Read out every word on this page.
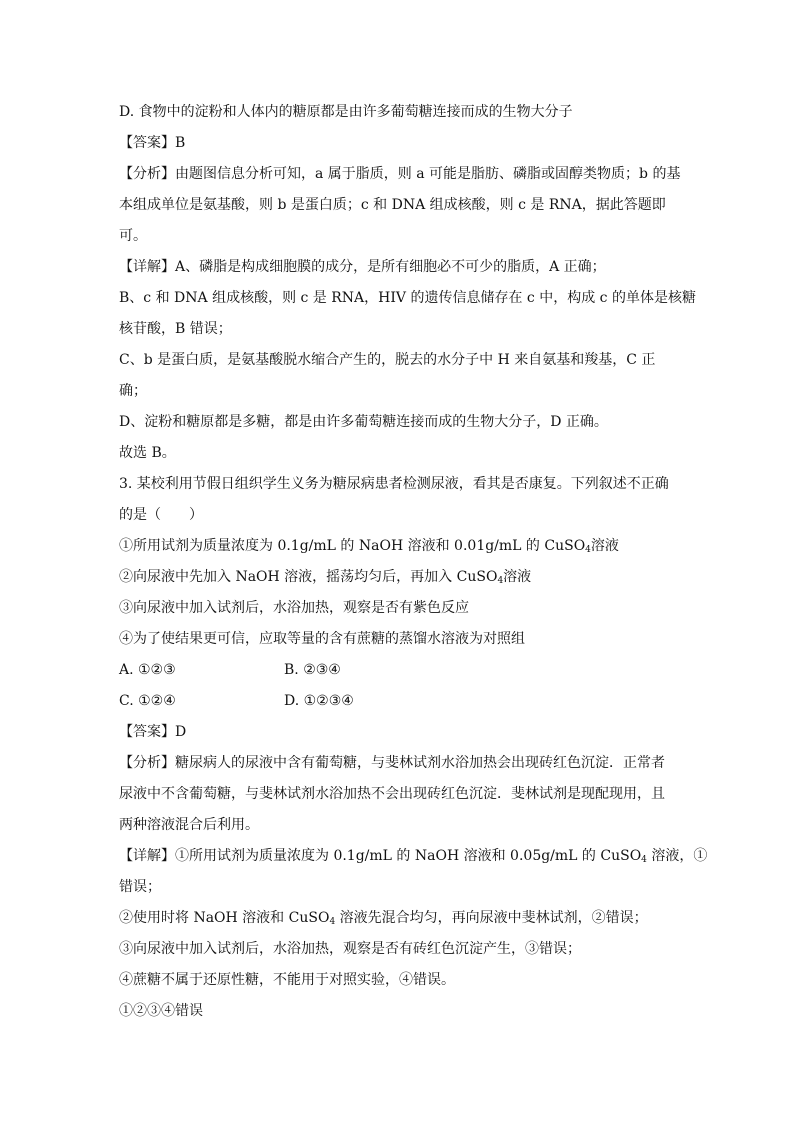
D. 食物中的淀粉和人体内的糖原都是由许多葡萄糖连接而成的生物大分子
【答案】B
【分析】由题图信息分析可知，a 属于脂质，则 a 可能是脂肪、磷脂或固醇类物质；b 的基
本组成单位是氨基酸，则 b 是蛋白质；c 和 DNA 组成核酸，则 c 是 RNA，据此答题即
可。
【详解】A、磷脂是构成细胞膜的成分，是所有细胞必不可少的脂质，A 正确；
B、c 和 DNA 组成核酸，则 c 是 RNA，HIV 的遗传信息储存在 c 中，构成 c 的单体是核糖
核苷酸，B 错误；
C、b 是蛋白质，是氨基酸脱水缩合产生的，脱去的水分子中 H 来自氨基和羧基，C 正
确；
D、淀粉和糖原都是多糖，都是由许多葡萄糖连接而成的生物大分子，D 正确。
故选 B。
3. 某校利用节假日组织学生义务为糖尿病患者检测尿液，看其是否康复。下列叙述不正确
的是（　　）
①所用试剂为质量浓度为 0.1g/mL 的 NaOH 溶液和 0.01g/mL 的 CuSO$_4$溶液
②向尿液中先加入 NaOH 溶液，摇荡均匀后，再加入 CuSO$_4$溶液
③向尿液中加入试剂后，水浴加热，观察是否有紫色反应
④为了使结果更可信，应取等量的含有蔗糖的蒸馏水溶液为对照组
A. ①②③	B. ②③④
C. ①②④	D. ①②③④
【答案】D
【分析】糖尿病人的尿液中含有葡萄糖，与斐林试剂水浴加热会出现砖红色沉淀．正常者
尿液中不含葡萄糖，与斐林试剂水浴加热不会出现砖红色沉淀．斐林试剂是现配现用，且
两种溶液混合后利用。
【详解】①所用试剂为质量浓度为 0.1g/mL 的 NaOH 溶液和 0.05g/mL 的 CuSO$_4$ 溶液，①
错误；
②使用时将 NaOH 溶液和 CuSO$_4$ 溶液先混合均匀，再向尿液中斐林试剂，②错误；
③向尿液中加入试剂后，水浴加热，观察是否有砖红色沉淀产生，③错误；
④蔗糖不属于还原性糖，不能用于对照实验，④错误。
①②③④错误
